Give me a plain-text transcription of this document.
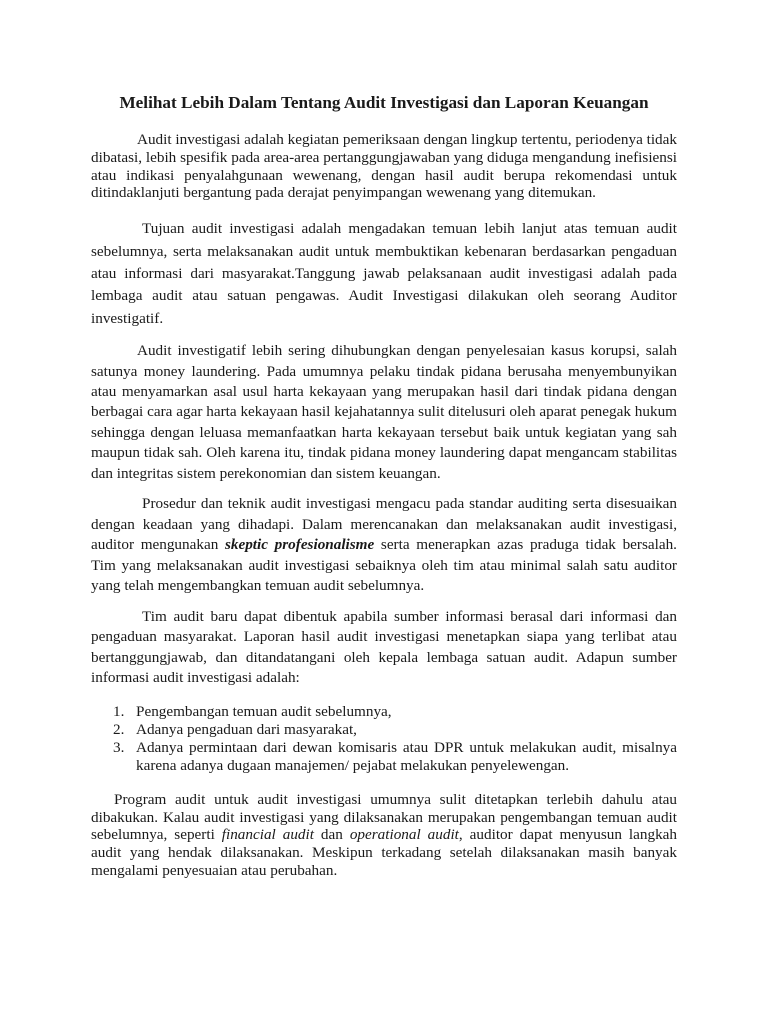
Melihat Lebih Dalam Tentang Audit Investigasi dan Laporan Keuangan

Audit investigasi adalah kegiatan pemeriksaan dengan lingkup tertentu, periodenya tidak dibatasi, lebih spesifik pada area-area pertanggungjawaban yang diduga mengandung inefisiensi atau indikasi penyalahgunaan wewenang, dengan hasil audit berupa rekomendasi untuk ditindaklanjuti bergantung pada derajat penyimpangan wewenang yang ditemukan.

Tujuan audit investigasi adalah mengadakan temuan lebih lanjut atas temuan audit sebelumnya, serta melaksanakan audit untuk membuktikan kebenaran berdasarkan pengaduan atau informasi dari masyarakat.Tanggung jawab pelaksanaan audit investigasi adalah pada lembaga audit atau satuan pengawas. Audit Investigasi dilakukan oleh seorang Auditor investigatif.

Audit investigatif lebih sering dihubungkan dengan penyelesaian kasus korupsi, salah satunya money laundering. Pada umumnya pelaku tindak pidana berusaha menyembunyikan atau menyamarkan asal usul harta kekayaan yang merupakan hasil dari tindak pidana dengan berbagai cara agar harta kekayaan hasil kejahatannya sulit ditelusuri oleh aparat penegak hukum sehingga dengan leluasa memanfaatkan harta kekayaan tersebut baik untuk kegiatan yang sah maupun tidak sah. Oleh karena itu, tindak pidana money laundering dapat mengancam stabilitas dan integritas sistem perekonomian dan sistem keuangan.

Prosedur dan teknik audit investigasi mengacu pada standar auditing serta disesuaikan dengan keadaan yang dihadapi. Dalam merencanakan dan melaksanakan audit investigasi, auditor mengunakan skeptic profesionalisme serta menerapkan azas praduga tidak bersalah. Tim yang melaksanakan audit investigasi sebaiknya oleh tim atau minimal salah satu auditor yang telah mengembangkan temuan audit sebelumnya.

Tim audit baru dapat dibentuk apabila sumber informasi berasal dari informasi dan pengaduan masyarakat. Laporan hasil audit investigasi menetapkan siapa yang terlibat atau bertanggungjawab, dan ditandatangani oleh kepala lembaga satuan audit. Adapun sumber informasi audit investigasi adalah:

1. Pengembangan temuan audit sebelumnya,
2. Adanya pengaduan dari masyarakat,
3. Adanya permintaan dari dewan komisaris atau DPR untuk melakukan audit, misalnya karena adanya dugaan manajemen/ pejabat melakukan penyelewengan.

Program audit untuk audit investigasi umumnya sulit ditetapkan terlebih dahulu atau dibakukan. Kalau audit investigasi yang dilaksanakan merupakan pengembangan temuan audit sebelumnya, seperti financial audit dan operational audit, auditor dapat menyusun langkah audit yang hendak dilaksanakan. Meskipun terkadang setelah dilaksanakan masih banyak mengalami penyesuaian atau perubahan.
